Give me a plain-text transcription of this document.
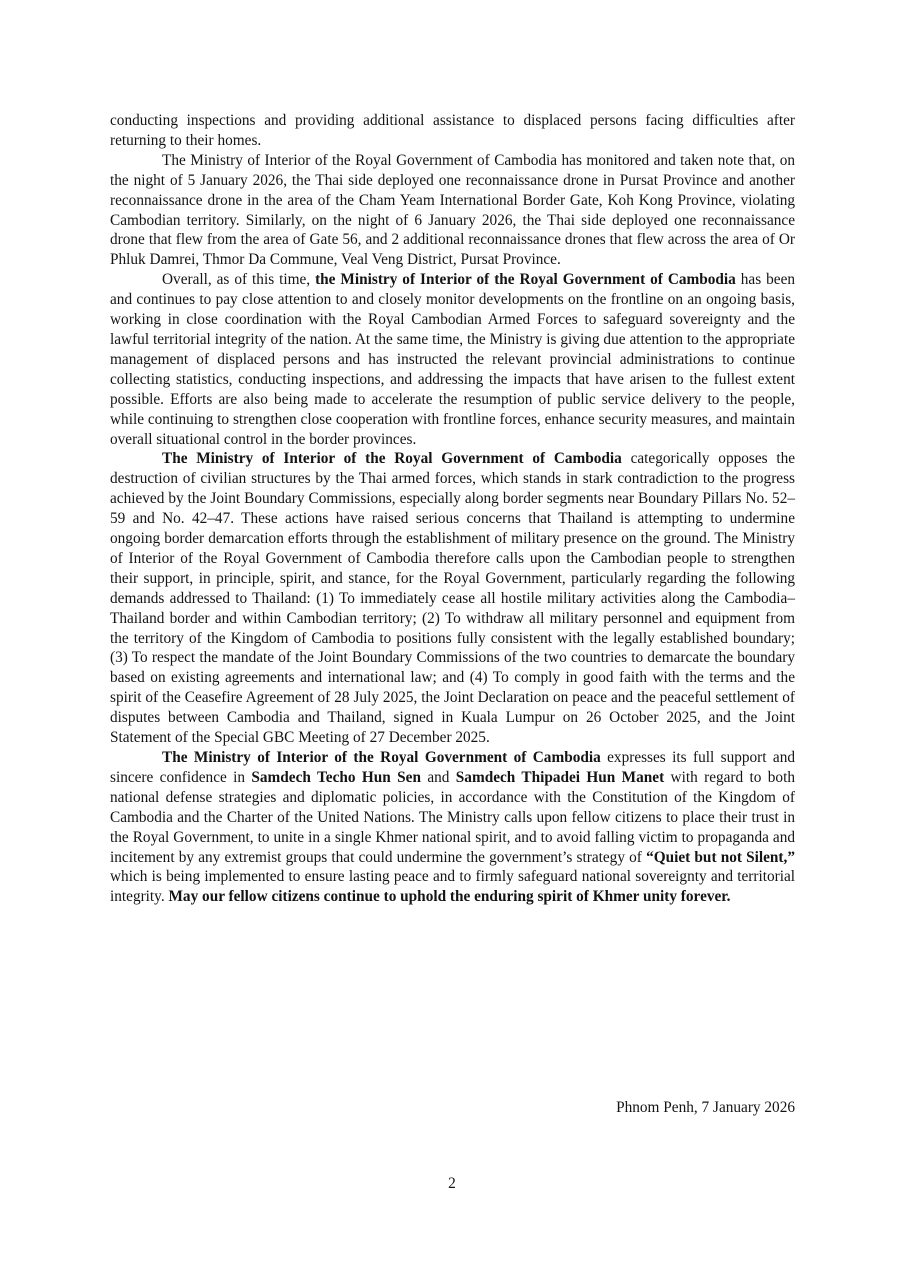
conducting inspections and providing additional assistance to displaced persons facing difficulties after returning to their homes.

The Ministry of Interior of the Royal Government of Cambodia has monitored and taken note that, on the night of 5 January 2026, the Thai side deployed one reconnaissance drone in Pursat Province and another reconnaissance drone in the area of the Cham Yeam International Border Gate, Koh Kong Province, violating Cambodian territory. Similarly, on the night of 6 January 2026, the Thai side deployed one reconnaissance drone that flew from the area of Gate 56, and 2 additional reconnaissance drones that flew across the area of Or Phluk Damrei, Thmor Da Commune, Veal Veng District, Pursat Province.

Overall, as of this time, the Ministry of Interior of the Royal Government of Cambodia has been and continues to pay close attention to and closely monitor developments on the frontline on an ongoing basis, working in close coordination with the Royal Cambodian Armed Forces to safeguard sovereignty and the lawful territorial integrity of the nation. At the same time, the Ministry is giving due attention to the appropriate management of displaced persons and has instructed the relevant provincial administrations to continue collecting statistics, conducting inspections, and addressing the impacts that have arisen to the fullest extent possible. Efforts are also being made to accelerate the resumption of public service delivery to the people, while continuing to strengthen close cooperation with frontline forces, enhance security measures, and maintain overall situational control in the border provinces.

The Ministry of Interior of the Royal Government of Cambodia categorically opposes the destruction of civilian structures by the Thai armed forces, which stands in stark contradiction to the progress achieved by the Joint Boundary Commissions, especially along border segments near Boundary Pillars No. 52–59 and No. 42–47. These actions have raised serious concerns that Thailand is attempting to undermine ongoing border demarcation efforts through the establishment of military presence on the ground. The Ministry of Interior of the Royal Government of Cambodia therefore calls upon the Cambodian people to strengthen their support, in principle, spirit, and stance, for the Royal Government, particularly regarding the following demands addressed to Thailand: (1) To immediately cease all hostile military activities along the Cambodia–Thailand border and within Cambodian territory; (2) To withdraw all military personnel and equipment from the territory of the Kingdom of Cambodia to positions fully consistent with the legally established boundary; (3) To respect the mandate of the Joint Boundary Commissions of the two countries to demarcate the boundary based on existing agreements and international law; and (4) To comply in good faith with the terms and the spirit of the Ceasefire Agreement of 28 July 2025, the Joint Declaration on peace and the peaceful settlement of disputes between Cambodia and Thailand, signed in Kuala Lumpur on 26 October 2025, and the Joint Statement of the Special GBC Meeting of 27 December 2025.

The Ministry of Interior of the Royal Government of Cambodia expresses its full support and sincere confidence in Samdech Techo Hun Sen and Samdech Thipadei Hun Manet with regard to both national defense strategies and diplomatic policies, in accordance with the Constitution of the Kingdom of Cambodia and the Charter of the United Nations. The Ministry calls upon fellow citizens to place their trust in the Royal Government, to unite in a single Khmer national spirit, and to avoid falling victim to propaganda and incitement by any extremist groups that could undermine the government’s strategy of “Quiet but not Silent,” which is being implemented to ensure lasting peace and to firmly safeguard national sovereignty and territorial integrity. May our fellow citizens continue to uphold the enduring spirit of Khmer unity forever.

Phnom Penh, 7 January 2026
2
